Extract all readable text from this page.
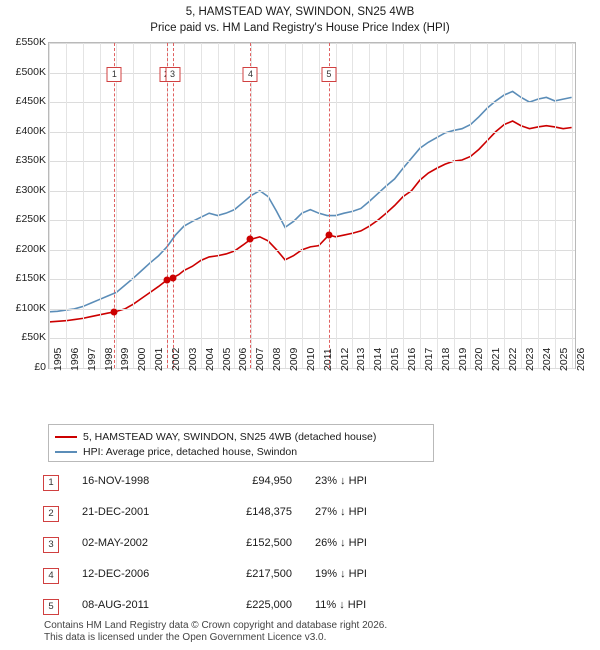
5, HAMSTEAD WAY, SWINDON, SN25 4WB
Price paid vs. HM Land Registry's House Price Index (HPI)
1	3	4	5
£0
£50K
£100K
£150K
£200K
£250K
£300K
£350K
£400K
£450K
£500K
£550K
1995 1996 1997 1998 1999 2000 2001 2002 2003 2004 2005 2006 2007 2008 2009 2010 2011 2012 2013 2014 2015 2016 2017 2018 2019 2020 2021 2022 2023 2024 2025 2026
5, HAMSTEAD WAY, SWINDON, SN25 4WB (detached house)
HPI: Average price, detached house, Swindon
1	16-NOV-1998	£94,950 23% ↓ HPI
2	21-DEC-2001	£148,375 27% ↓ HPI
3	02-MAY-2002	£152,500 26% ↓ HPI
4	12-DEC-2006	£217,500 19% ↓ HPI
5	08-AUG-2011	£225,000 11% ↓ HPI
Contains HM Land Registry data © Crown copyright and database right 2026.
This data is licensed under the Open Government Licence v3.0.
